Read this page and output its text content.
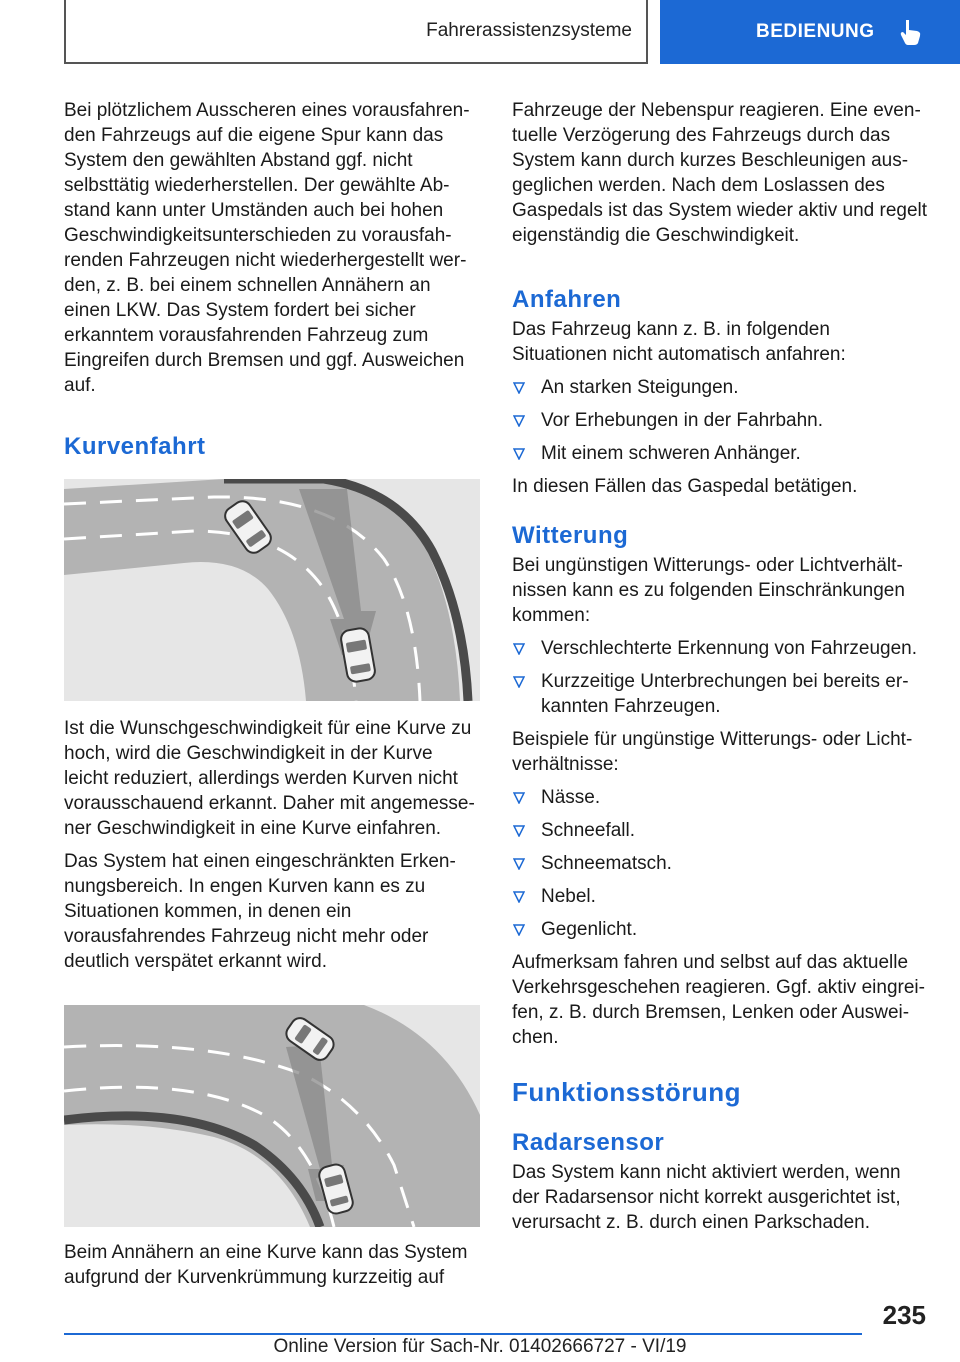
Fahrerassistenzsysteme	BEDIENUNG

Bei plötzlichem Ausscheren eines vorausfahrenden Fahrzeugs auf die eigene Spur kann das System den gewählten Abstand ggf. nicht selbsttätig wiederherstellen. Der gewählte Abstand kann unter Umständen auch bei hohen Geschwindigkeitsunterschieden zu vorausfahrenden Fahrzeugen nicht wiederhergestellt werden, z. B. bei einem schnellen Annähern an einen LKW. Das System fordert bei sicher erkanntem vorausfahrenden Fahrzeug zum Eingreifen durch Bremsen und ggf. Ausweichen auf.

Kurvenfahrt

Ist die Wunschgeschwindigkeit für eine Kurve zu hoch, wird die Geschwindigkeit in der Kurve leicht reduziert, allerdings werden Kurven nicht vorausschauend erkannt. Daher mit angemessener Geschwindigkeit in eine Kurve einfahren.

Das System hat einen eingeschränkten Erkennungsbereich. In engen Kurven kann es zu Situationen kommen, in denen ein vorausfahrendes Fahrzeug nicht mehr oder deutlich verspätet erkannt wird.

Beim Annähern an eine Kurve kann das System aufgrund der Kurvenkrümmung kurzzeitig auf

Fahrzeuge der Nebenspur reagieren. Eine eventuelle Verzögerung des Fahrzeugs durch das System kann durch kurzes Beschleunigen ausgeglichen werden. Nach dem Loslassen des Gaspedals ist das System wieder aktiv und regelt eigenständig die Geschwindigkeit.

Anfahren

Das Fahrzeug kann z. B. in folgenden Situationen nicht automatisch anfahren:

An starken Steigungen.
Vor Erhebungen in der Fahrbahn.
Mit einem schweren Anhänger.

In diesen Fällen das Gaspedal betätigen.

Witterung

Bei ungünstigen Witterungs- oder Lichtverhältnissen kann es zu folgenden Einschränkungen kommen:

Verschlechterte Erkennung von Fahrzeugen.
Kurzzeitige Unterbrechungen bei bereits erkannten Fahrzeugen.

Beispiele für ungünstige Witterungs- oder Lichtverhältnisse:

Nässe.
Schneefall.
Schneematsch.
Nebel.
Gegenlicht.

Aufmerksam fahren und selbst auf das aktuelle Verkehrsgeschehen reagieren. Ggf. aktiv eingreifen, z. B. durch Bremsen, Lenken oder Ausweichen.

Funktionsstörung
Radarsensor

Das System kann nicht aktiviert werden, wenn der Radarsensor nicht korrekt ausgerichtet ist, verursacht z. B. durch einen Parkschaden.

235
Online Version für Sach-Nr. 01402666727 - VI/19
